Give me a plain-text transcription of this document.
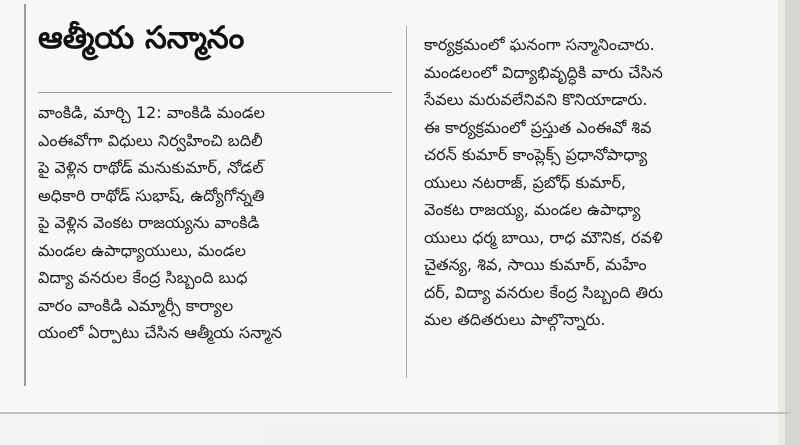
ఆత్మీయ సన్మానం
వాంకిడి, మార్చి 12: వాంకిడి మండల
ఎంఈవోగా విధులు నిర్వహించి బదిలీ
పై వెళ్లిన రాథోడ్ మనుకుమార్, నోడల్
అధికారి రాథోడ్ సుభాష్, ఉద్యోగోన్నతి
పై వెళ్లిన వెంకట రాజయ్యను వాంకిడి
మండల ఉపాధ్యాయులు, మండల
విద్యా వనరుల కేంద్ర సిబ్బంది బుధ
వారం వాంకిడి ఎమ్మార్సీ కార్యాల
యంలో ఏర్పాటు చేసిన ఆత్మీయ సన్మాన
కార్యక్రమంలో ఘనంగా సన్మానించారు.
మండలంలో విద్యాభివృద్ధికి వారు చేసిన
సేవలు మరువలేనివని కొనియాడారు.
ఈ కార్యక్రమంలో ప్రస్తుత ఎంఈవో శివ
చరన్ కుమార్ కాంప్లెక్స్ ప్రధానోపాధ్యా
యులు నటరాజ్, ప్రబోధ్ కుమార్,
వెంకట రాజయ్య, మండల ఉపాధ్యా
యులు ధర్మ బాయి, రాధ మౌనిక, రవళి
చైతన్య, శివ, సాయి కుమార్, మహేం
దర్, విద్యా వనరుల కేంద్ర సిబ్బంది తిరు
మల తదితరులు పాల్గొన్నారు.
